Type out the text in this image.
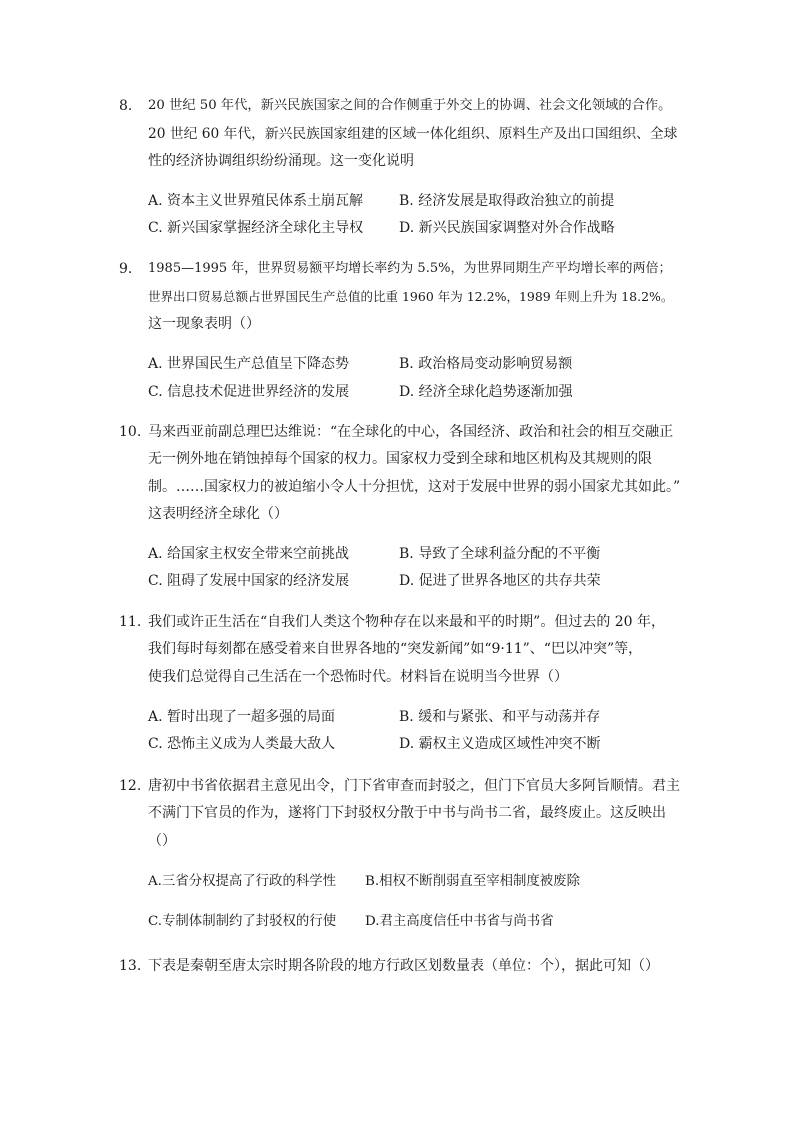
8. 20 世纪 50 年代，新兴民族国家之间的合作侧重于外交上的协调、社会文化领域的合作。
20 世纪 60 年代，新兴民族国家组建的区域一体化组织、原料生产及出口国组织、全球
性的经济协调组织纷纷涌现。这一变化说明
A. 资本主义世界殖民体系土崩瓦解	B. 经济发展是取得政治独立的前提
C. 新兴国家掌握经济全球化主导权	D. 新兴民族国家调整对外合作战略
9. 1985—1995 年，世界贸易额平均增长率约为 5.5%，为世界同期生产平均增长率的两倍；
世界出口贸易总额占世界国民生产总值的比重 1960 年为 12.2%，1989 年则上升为 18.2%。
这一现象表明（）
A. 世界国民生产总值呈下降态势	B. 政治格局变动影响贸易额
C. 信息技术促进世界经济的发展	D. 经济全球化趋势逐渐加强
10. 马来西亚前副总理巴达维说：“在全球化的中心，各国经济、政治和社会的相互交融正
无一例外地在销蚀掉每个国家的权力。国家权力受到全球和地区机构及其规则的限
制。……国家权力的被迫缩小令人十分担忧，这对于发展中世界的弱小国家尤其如此。”
这表明经济全球化（）
A. 给国家主权安全带来空前挑战	B. 导致了全球利益分配的不平衡
C. 阻碍了发展中国家的经济发展	D. 促进了世界各地区的共存共荣
11. 我们或许正生活在“自我们人类这个物种存在以来最和平的时期”。但过去的 20 年，
我们每时每刻都在感受着来自世界各地的“突发新闻”如“9·11”、“巴以冲突”等，
使我们总觉得自己生活在一个恐怖时代。材料旨在说明当今世界（）
A. 暂时出现了一超多强的局面	B. 缓和与紧张、和平与动荡并存
C. 恐怖主义成为人类最大敌人	D. 霸权主义造成区域性冲突不断
12. 唐初中书省依据君主意见出令，门下省审查而封驳之，但门下官员大多阿旨顺情。君主
不满门下官员的作为，遂将门下封驳权分散于中书与尚书二省，最终废止。这反映出
（）
A.三省分权提高了行政的科学性 B.相权不断削弱直至宰相制度被废除
C.专制体制制约了封驳权的行使 D.君主高度信任中书省与尚书省
13. 下表是秦朝至唐太宗时期各阶段的地方行政区划数量表（单位：个），据此可知（）
